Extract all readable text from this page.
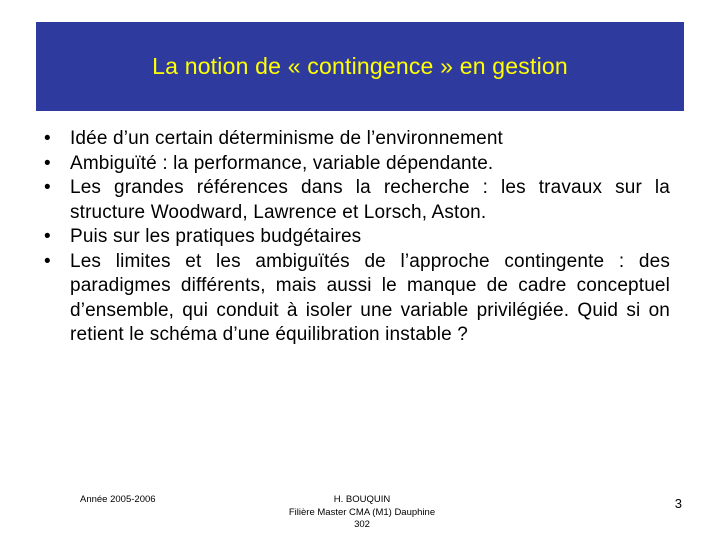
La notion de « contingence » en gestion
• Idée d’un certain déterminisme de l’environnement
• Ambiguïté : la performance, variable dépendante.
• Les grandes références dans la recherche : les travaux sur la structure Woodward, Lawrence et Lorsch, Aston.
• Puis sur les pratiques budgétaires
• Les limites et les ambiguïtés de l’approche contingente : des paradigmes différents, mais aussi le manque de cadre conceptuel d’ensemble, qui conduit à isoler une variable privilégiée. Quid si on retient le schéma d’une équilibration instable ?
Année 2005-2006	H. BOUQUIN
Filière Master CMA (M1) Dauphine
302
3
